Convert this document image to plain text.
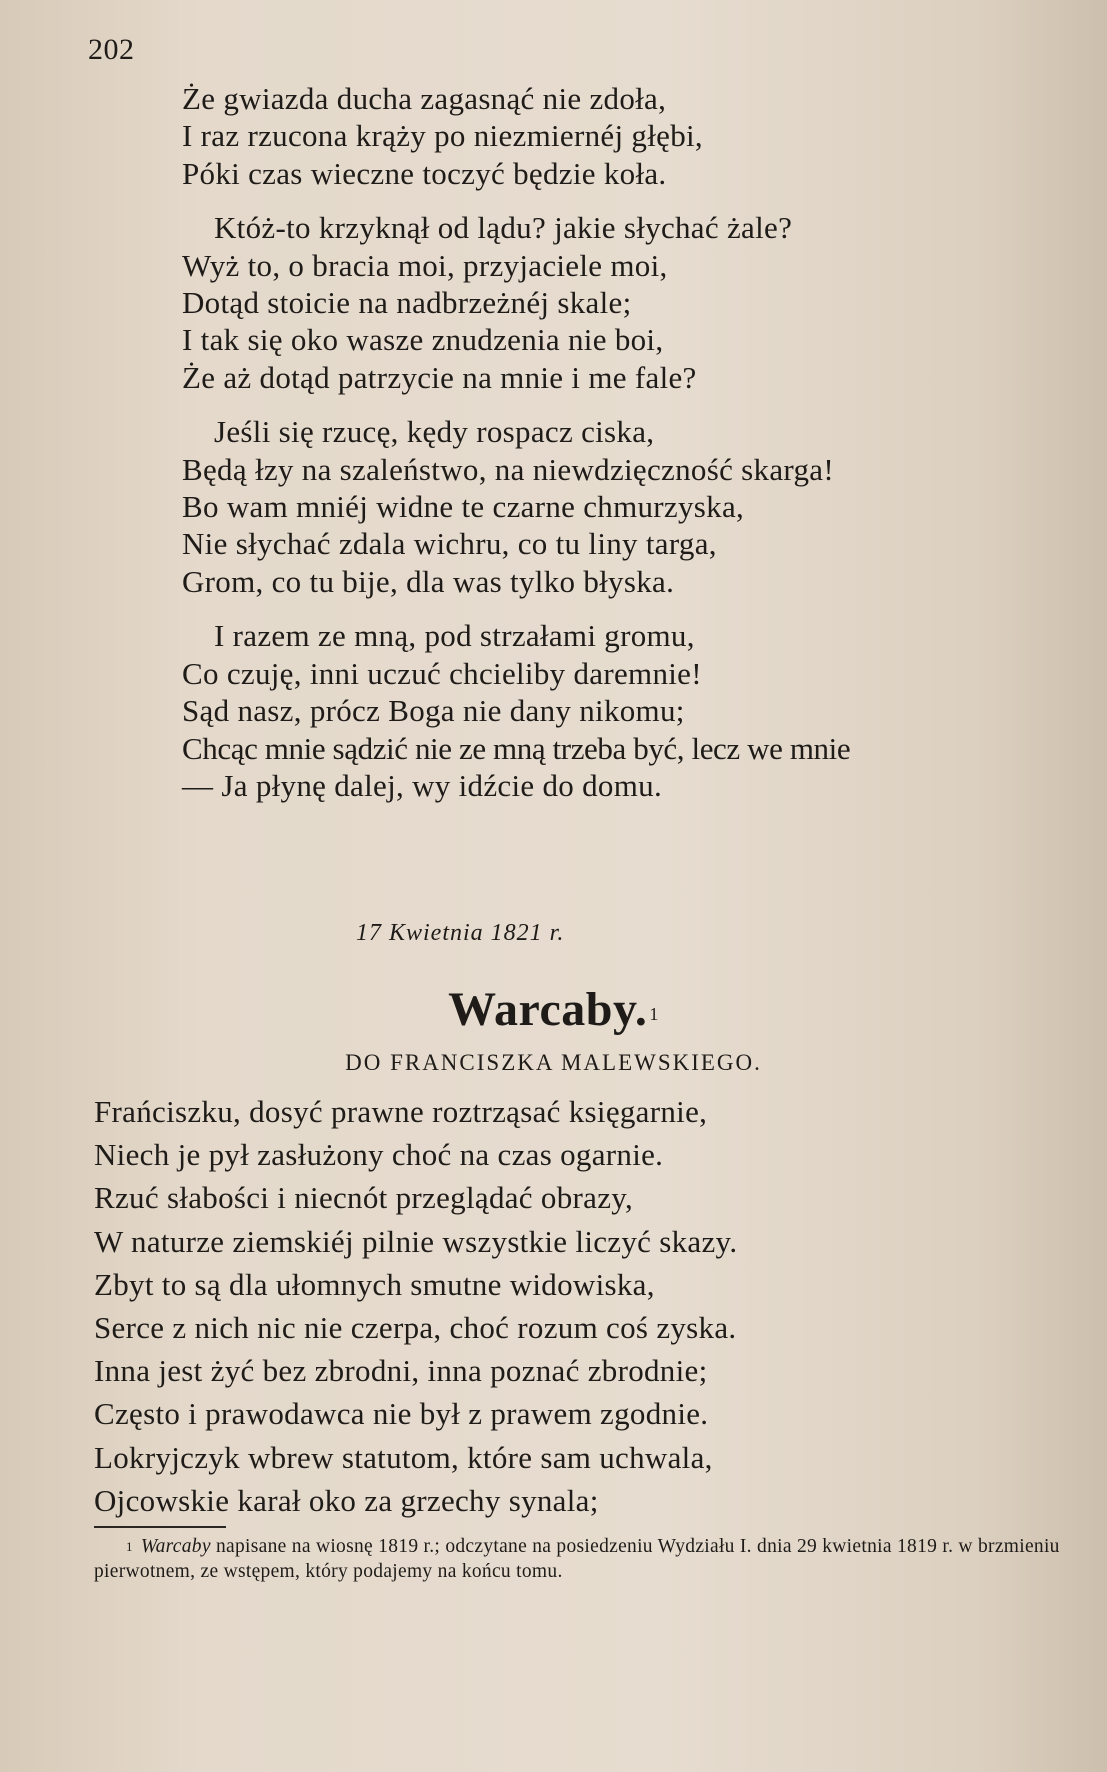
202
Że gwiazda ducha zagasnąć nie zdoła,
I raz rzucona krąży po niezmiernéj głębi,
Póki czas wieczne toczyć będzie koła.
Któż-to krzyknął od lądu? jakie słychać żale?
Wyż to, o bracia moi, przyjaciele moi,
Dotąd stoicie na nadbrzeżnéj skale;
I tak się oko wasze znudzenia nie boi,
Że aż dotąd patrzycie na mnie i me fale?
Jeśli się rzucę, kędy rospacz ciska,
Będą łzy na szaleństwo, na niewdzięczność skarga!
Bo wam mniéj widne te czarne chmurzyska,
Nie słychać zdala wichru, co tu liny targa,
Grom, co tu bije, dla was tylko błyska.
I razem ze mną, pod strzałami gromu,
Co czuję, inni uczuć chcieliby daremnie!
Sąd nasz, prócz Boga nie dany nikomu;
Chcąc mnie sądzić nie ze mną trzeba być, lecz we mnie
— Ja płynę dalej, wy idźcie do domu.
17 Kwietnia 1821 r.
Warcaby. $^1$
DO FRANCISZKA MALEWSKIEGO.
Frańciszku, dosyć prawne roztrząsać księgarnie,
Niech je pył zasłużony choć na czas ogarnie.
Rzuć słabości i niecnót przeglądać obrazy,
W naturze ziemskiéj pilnie wszystkie liczyć skazy.
Zbyt to są dla ułomnych smutne widowiska,
Serce z nich nic nie czerpa, choć rozum coś zyska.
Inna jest żyć bez zbrodni, inna poznać zbrodnie;
Często i prawodawca nie był z prawem zgodnie.
Lokryjczyk wbrew statutom, które sam uchwala,
Ojcowskie karał oko za grzechy synala;
$^1$ Warcaby napisane na wiosnę 1819 r.; odczytane na posiedzeniu Wydziału I. dnia 29 kwietnia 1819 r. w brzmieniu pierwotnem, ze wstępem, który podajemy na końcu tomu.
